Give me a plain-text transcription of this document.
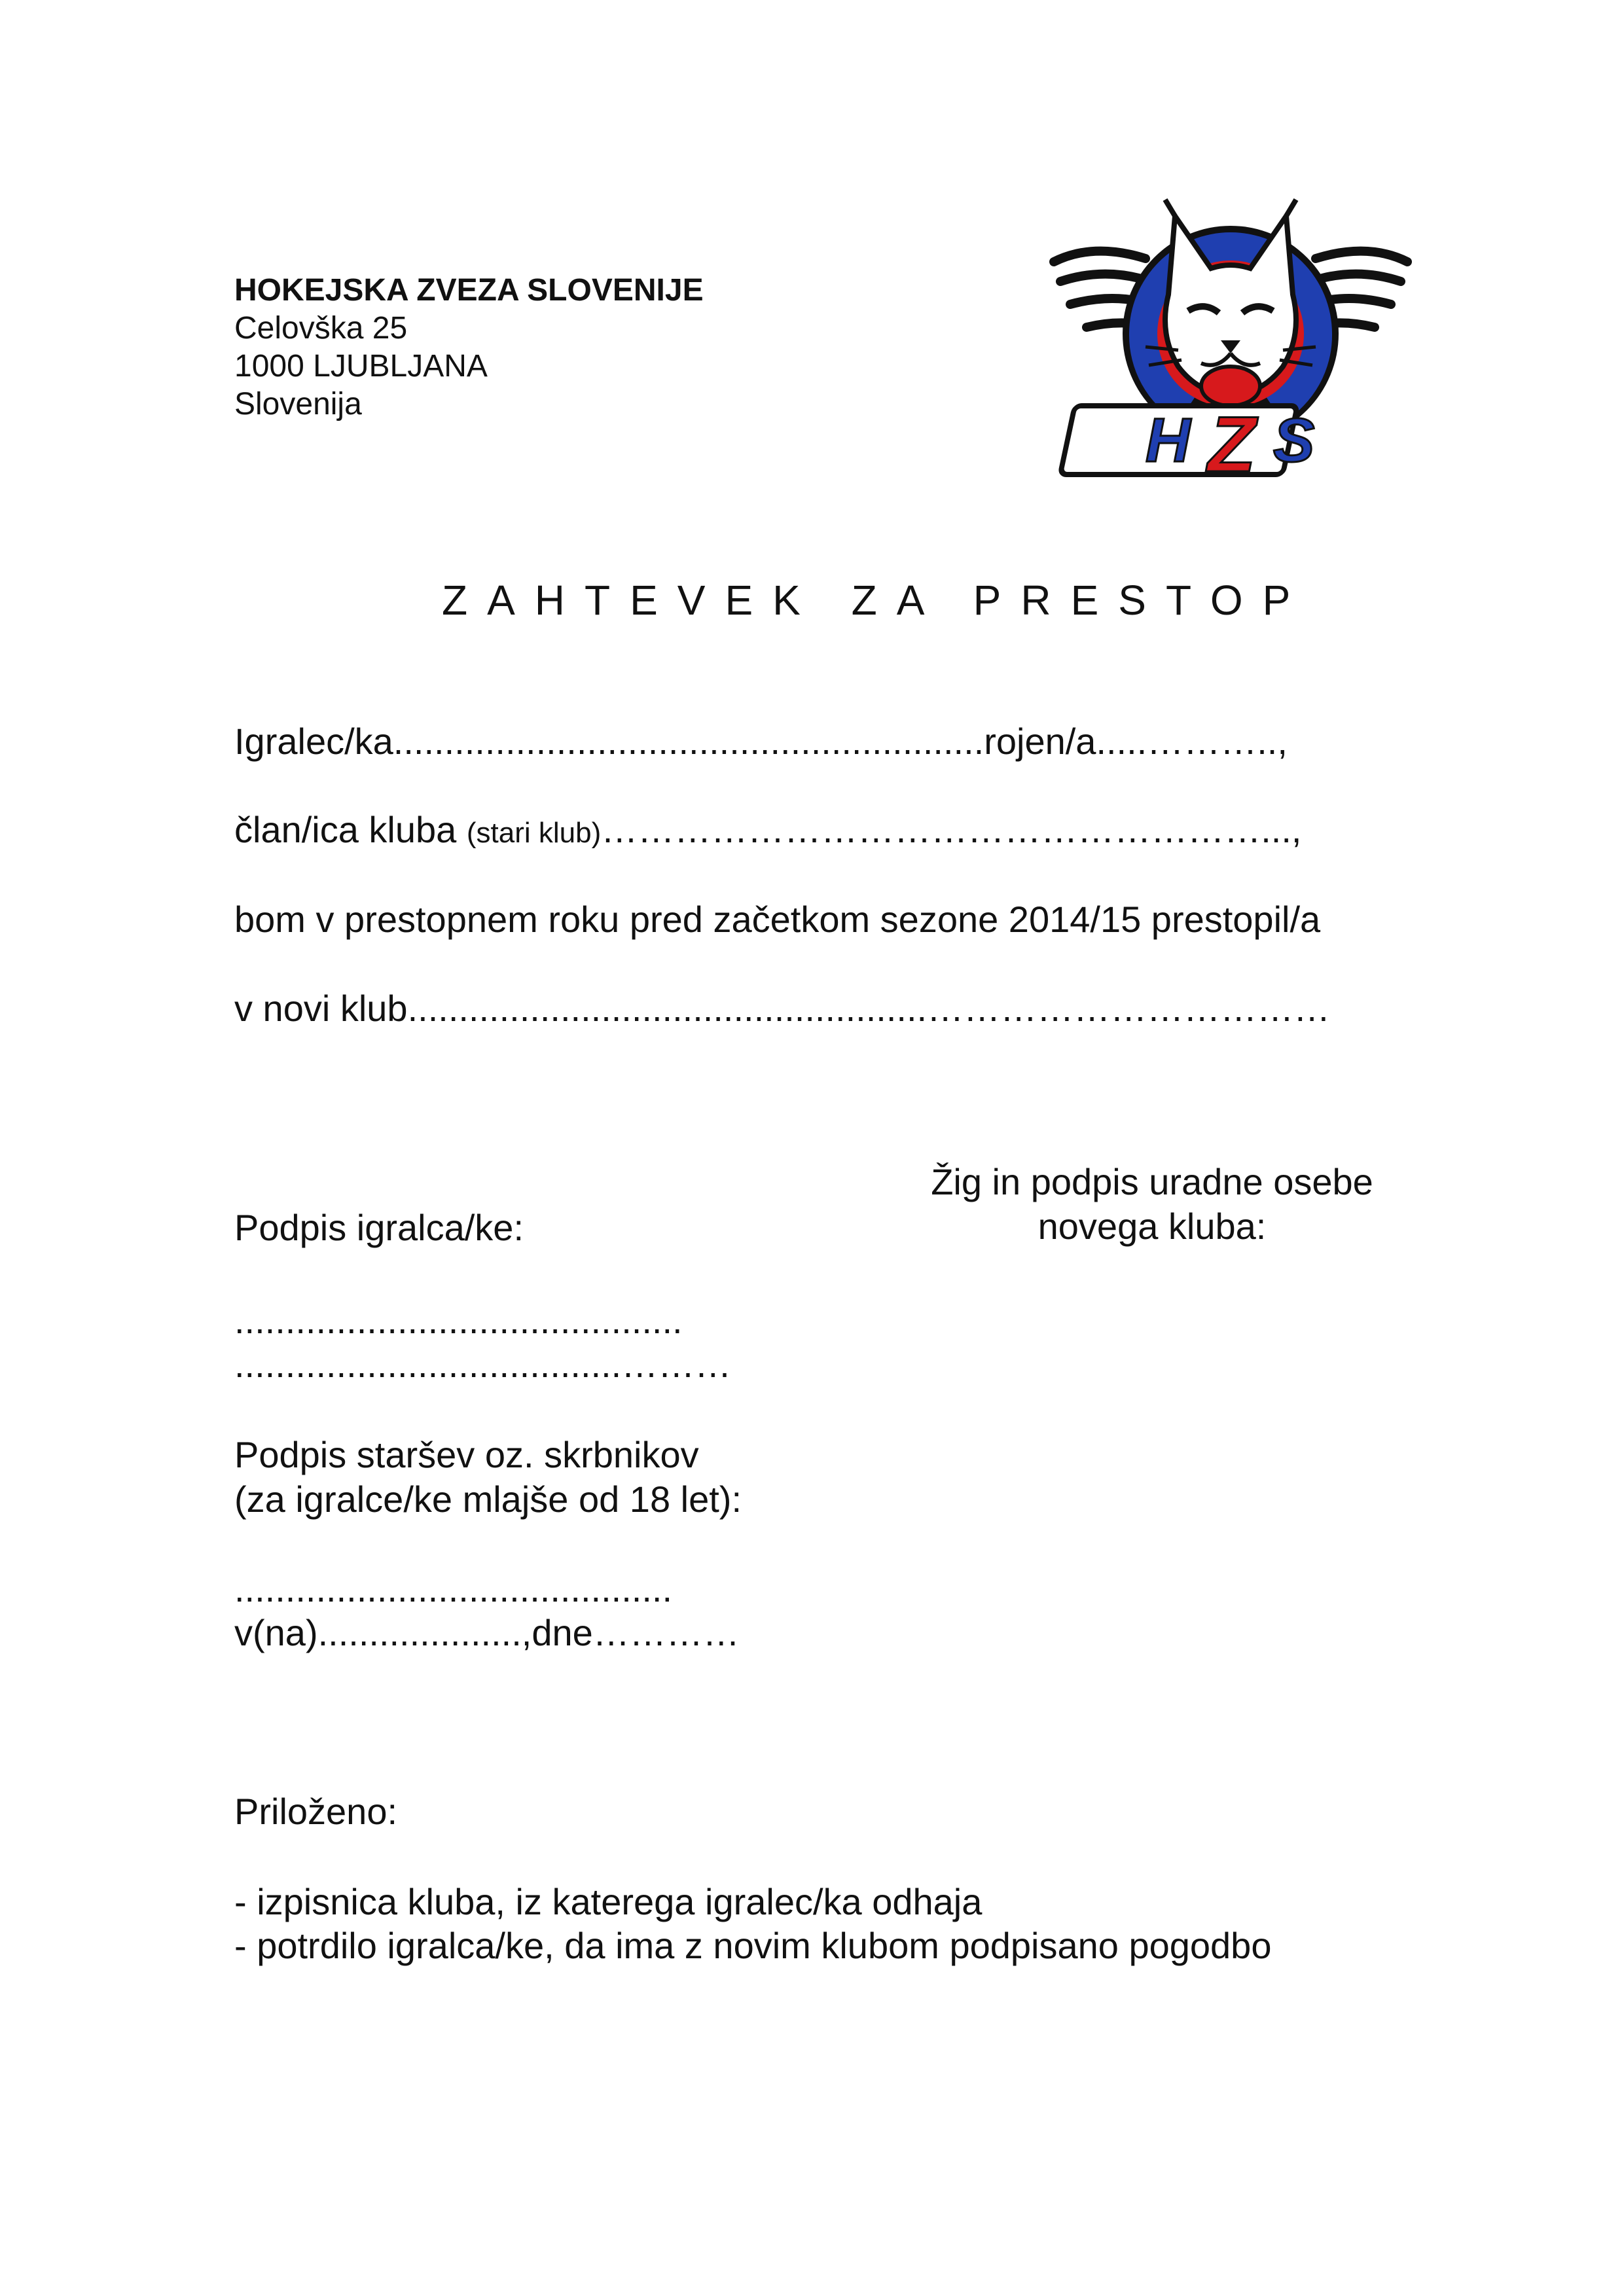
HOKEJSKA ZVEZA SLOVENIJE
Celovška 25
1000 LJUBLJANA
Slovenija
H Z S
ZAHTEVEK ZA PRESTOP
Igralec/ka..........................................................rojen/a.....………..,
član/ica kluba (stari klub)………………………………………………...,
bom v prestopnem roku pred začetkom sezone 2014/15 prestopil/a
v novi klub...................................................……………………………
Žig in podpis uradne osebe
novega kluba:
Podpis igralca/ke:
............................................
......................................………
Podpis staršev oz. skrbnikov
(za igralce/ke mlajše od 18 let):
...........................................
v(na)....................,dne…………
Priloženo:
- izpisnica kluba, iz katerega igralec/ka odhaja
- potrdilo igralca/ke, da ima z novim klubom podpisano pogodbo
